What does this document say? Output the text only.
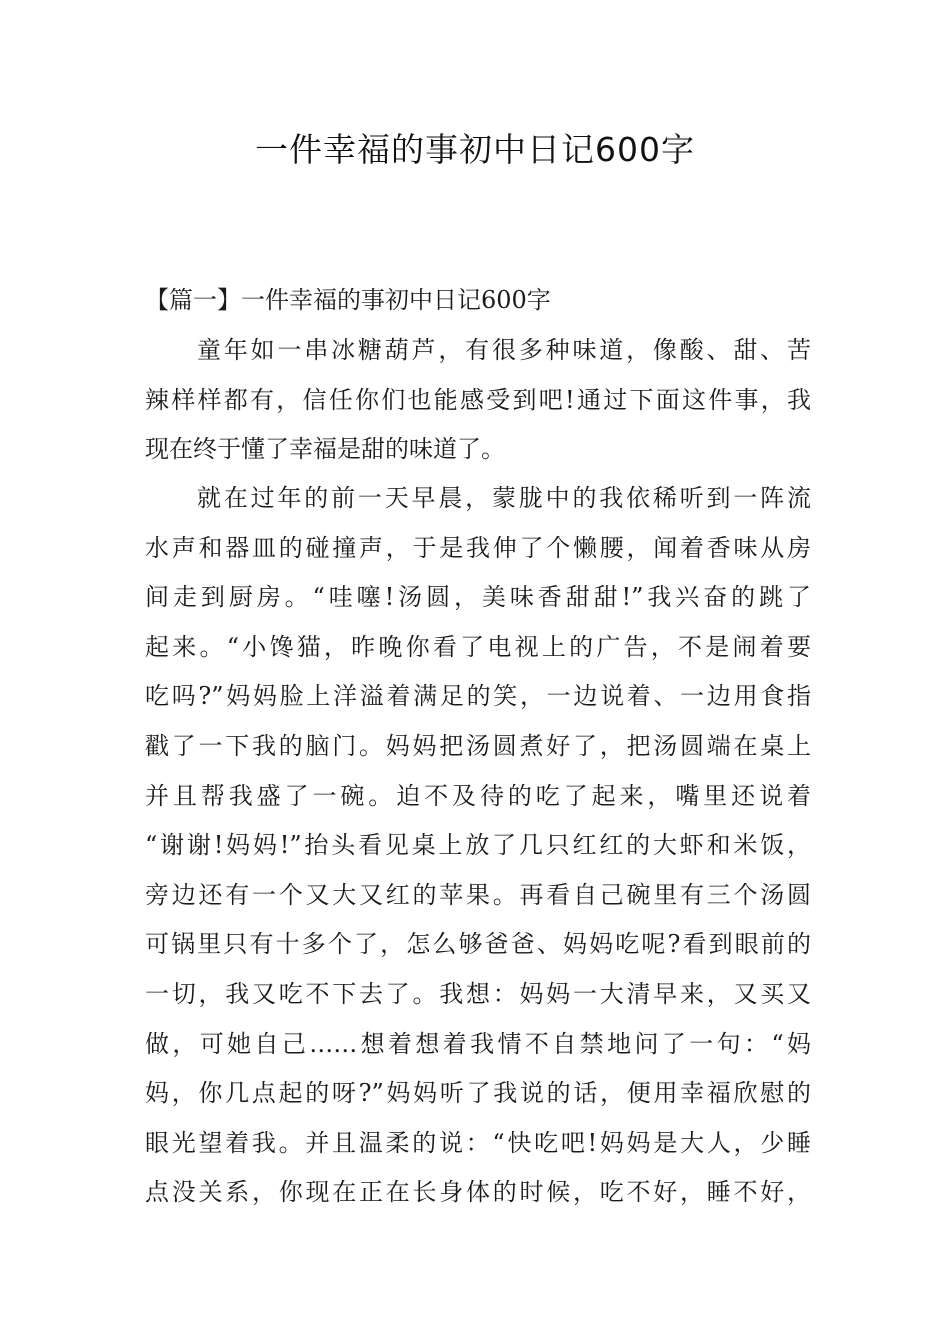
一件幸福的事初中日记600字
【篇一】一件幸福的事初中日记600字
童年如一串冰糖葫芦，有很多种味道，像酸、甜、苦
辣样样都有，信任你们也能感受到吧!通过下面这件事，我
现在终于懂了幸福是甜的味道了。
就在过年的前一天早晨，蒙胧中的我依稀听到一阵流
水声和器皿的碰撞声，于是我伸了个懒腰，闻着香味从房
间走到厨房。“哇噻!汤圆，美味香甜甜!”我兴奋的跳了
起来。“小馋猫，昨晚你看了电视上的广告，不是闹着要
吃吗?”妈妈脸上洋溢着满足的笑，一边说着、一边用食指
戳了一下我的脑门。妈妈把汤圆煮好了，把汤圆端在桌上
并且帮我盛了一碗。迫不及待的吃了起来，嘴里还说着
“谢谢!妈妈!”抬头看见桌上放了几只红红的大虾和米饭，
旁边还有一个又大又红的苹果。再看自己碗里有三个汤圆
可锅里只有十多个了，怎么够爸爸、妈妈吃呢?看到眼前的
一切，我又吃不下去了。我想：妈妈一大清早来，又买又
做，可她自己……想着想着我情不自禁地问了一句：“妈
妈，你几点起的呀?”妈妈听了我说的话，便用幸福欣慰的
眼光望着我。并且温柔的说：“快吃吧!妈妈是大人，少睡
点没关系，你现在正在长身体的时候，吃不好，睡不好，
